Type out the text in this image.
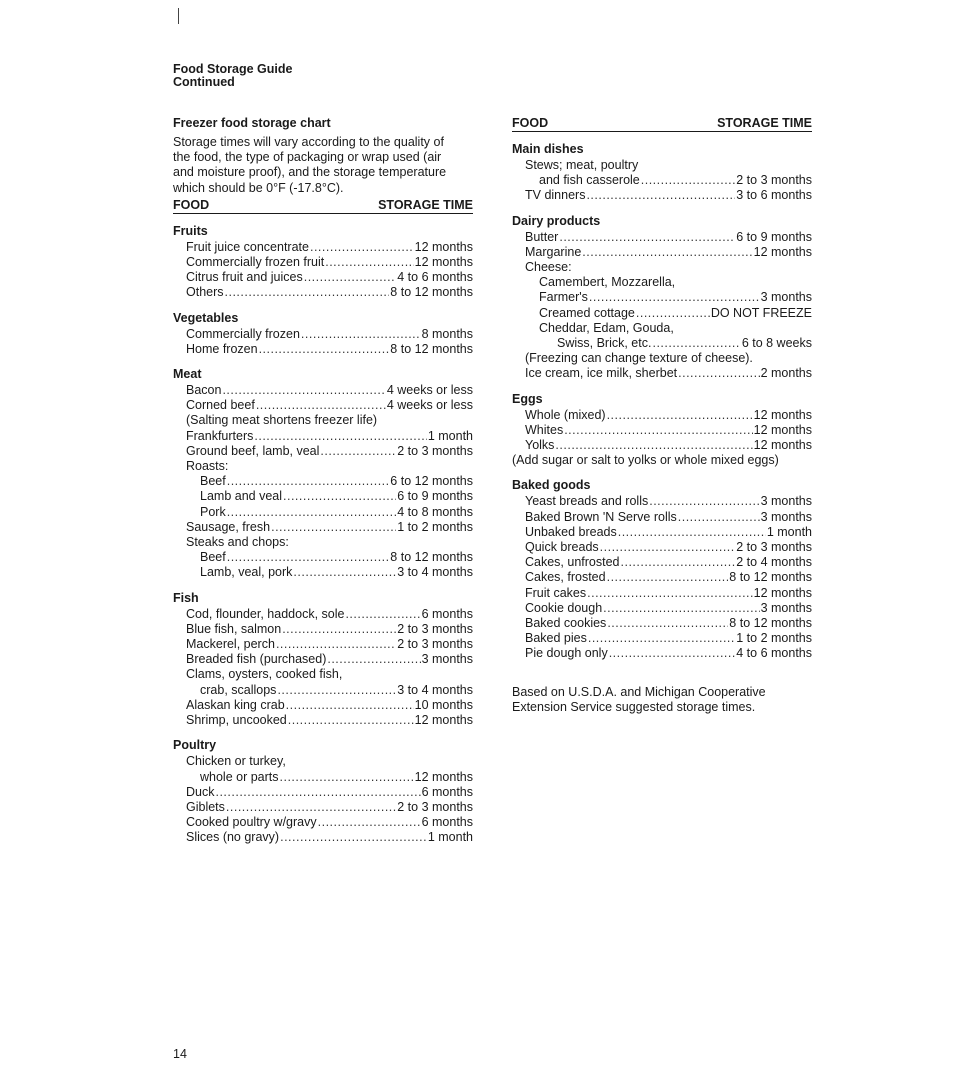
Food Storage Guide
Continued
Freezer food storage chart
Storage times will vary according to the quality of
the food, the type of packaging or wrap used (air
and moisture proof), and the storage temperature
which should be 0°F (-17.8°C).
FOOD	STORAGE TIME
Fruits
Fruit juice concentrate .....	12 months
Commercially frozen fruit .....	12 months
Citrus fruit and juices .....	4 to 6 months
Others .....	8 to 12 months
Vegetables
Commercially frozen .....	8 months
Home frozen .....	8 to 12 months
Meat
Bacon .....	4 weeks or less
Corned beef .....	4 weeks or less
(Salting meat shortens freezer life)
Frankfurters .....	1 month
Ground beef, lamb, veal .....	2 to 3 months
Roasts:
Beef .....	6 to 12 months
Lamb and veal .....	6 to 9 months
Pork .....	4 to 8 months
Sausage, fresh .....	1 to 2 months
Steaks and chops:
Beef .....	8 to 12 months
Lamb, veal, pork .....	3 to 4 months
Fish
Cod, flounder, haddock, sole .....	6 months
Blue fish, salmon .....	2 to 3 months
Mackerel, perch .....	2 to 3 months
Breaded fish (purchased) .....	3 months
Clams, oysters, cooked fish,
crab, scallops .....	3 to 4 months
Alaskan king crab .....	10 months
Shrimp, uncooked .....	12 months
Poultry
Chicken or turkey,
whole or parts .....	12 months
Duck .....	6 months
Giblets .....	2 to 3 months
Cooked poultry w/gravy .....	6 months
Slices (no gravy) .....	1 month
FOOD	STORAGE TIME
Main dishes
Stews; meat, poultry
and fish casserole .....	2 to 3 months
TV dinners .....	3 to 6 months
Dairy products
Butter .....	6 to 9 months
Margarine .....	12 months
Cheese:
Camembert, Mozzarella,
Farmer's .....	3 months
Creamed cottage .....	DO NOT FREEZE
Cheddar, Edam, Gouda,
Swiss, Brick, etc. .....	6 to 8 weeks
(Freezing can change texture of cheese).
Ice cream, ice milk, sherbet .....	2 months
Eggs
Whole (mixed) .....	12 months
Whites .....	12 months
Yolks .....	12 months
(Add sugar or salt to yolks or whole mixed eggs)
Baked goods
Yeast breads and rolls .....	3 months
Baked Brown 'N Serve rolls .....	3 months
Unbaked breads .....	1 month
Quick breads .....	2 to 3 months
Cakes, unfrosted .....	2 to 4 months
Cakes, frosted .....	8 to 12 months
Fruit cakes .....	12 months
Cookie dough .....	3 months
Baked cookies .....	8 to 12 months
Baked pies .....	1 to 2 months
Pie dough only .....	4 to 6 months
Based on U.S.D.A. and Michigan Cooperative
Extension Service suggested storage times.
14
